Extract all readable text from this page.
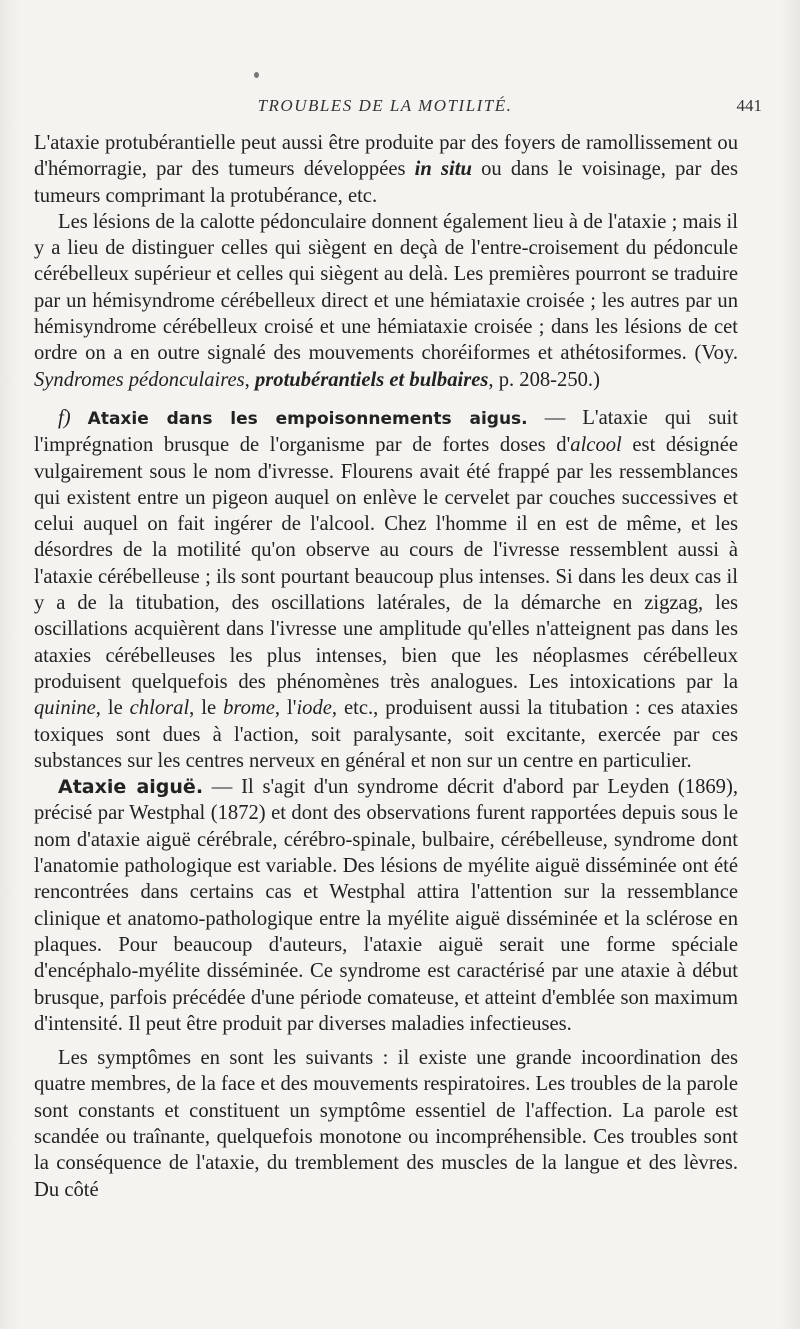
TROUBLES DE LA MOTILITÉ.	441

L'ataxie protubérantielle peut aussi être produite par des foyers de ramollissement ou d'hémorragie, par des tumeurs développées in situ ou dans le voisinage, par des tumeurs comprimant la protubérance, etc.

Les lésions de la calotte pédonculaire donnent également lieu à de l'ataxie ; mais il y a lieu de distinguer celles qui siègent en deçà de l'entre-croisement du pédoncule cérébelleux supérieur et celles qui siègent au delà. Les premières pourront se traduire par un hémisyndrome cérébelleux direct et une hémiataxie croisée ; les autres par un hémisyndrome cérébelleux croisé et une hémiataxie croisée ; dans les lésions de cet ordre on a en outre signalé des mouvements choréiformes et athétosiformes. (Voy. Syndromes pédonculaires, protubérantiels et bulbaires, p. 208-250.)

f) Ataxie dans les empoisonnements aigus. — L'ataxie qui suit l'imprégnation brusque de l'organisme par de fortes doses d'alcool est désignée vulgairement sous le nom d'ivresse. Flourens avait été frappé par les ressemblances qui existent entre un pigeon auquel on enlève le cervelet par couches successives et celui auquel on fait ingérer de l'alcool. Chez l'homme il en est de même, et les désordres de la motilité qu'on observe au cours de l'ivresse ressemblent aussi à l'ataxie cérébelleuse ; ils sont pourtant beaucoup plus intenses. Si dans les deux cas il y a de la titubation, des oscillations latérales, de la démarche en zigzag, les oscillations acquièrent dans l'ivresse une amplitude qu'elles n'atteignent pas dans les ataxies cérébelleuses les plus intenses, bien que les néoplasmes cérébelleux produisent quelquefois des phénomènes très analogues. Les intoxications par la quinine, le chloral, le brome, l'iode, etc., produisent aussi la titubation : ces ataxies toxiques sont dues à l'action, soit paralysante, soit excitante, exercée par ces substances sur les centres nerveux en général et non sur un centre en particulier.

Ataxie aiguë. — Il s'agit d'un syndrome décrit d'abord par Leyden (1869), précisé par Westphal (1872) et dont des observations furent rapportées depuis sous le nom d'ataxie aiguë cérébrale, cérébro-spinale, bulbaire, cérébelleuse, syndrome dont l'anatomie pathologique est variable. Des lésions de myélite aiguë disséminée ont été rencontrées dans certains cas et Westphal attira l'attention sur la ressemblance clinique et anatomo-pathologique entre la myélite aiguë disséminée et la sclérose en plaques. Pour beaucoup d'auteurs, l'ataxie aiguë serait une forme spéciale d'encéphalo-myélite disséminée. Ce syndrome est caractérisé par une ataxie à début brusque, parfois précédée d'une période comateuse, et atteint d'emblée son maximum d'intensité. Il peut être produit par diverses maladies infectieuses.

Les symptômes en sont les suivants : il existe une grande incoordination des quatre membres, de la face et des mouvements respiratoires. Les troubles de la parole sont constants et constituent un symptôme essentiel de l'affection. La parole est scandée ou traînante, quelquefois monotone ou incompréhensible. Ces troubles sont la conséquence de l'ataxie, du tremblement des muscles de la langue et des lèvres. Du côté
